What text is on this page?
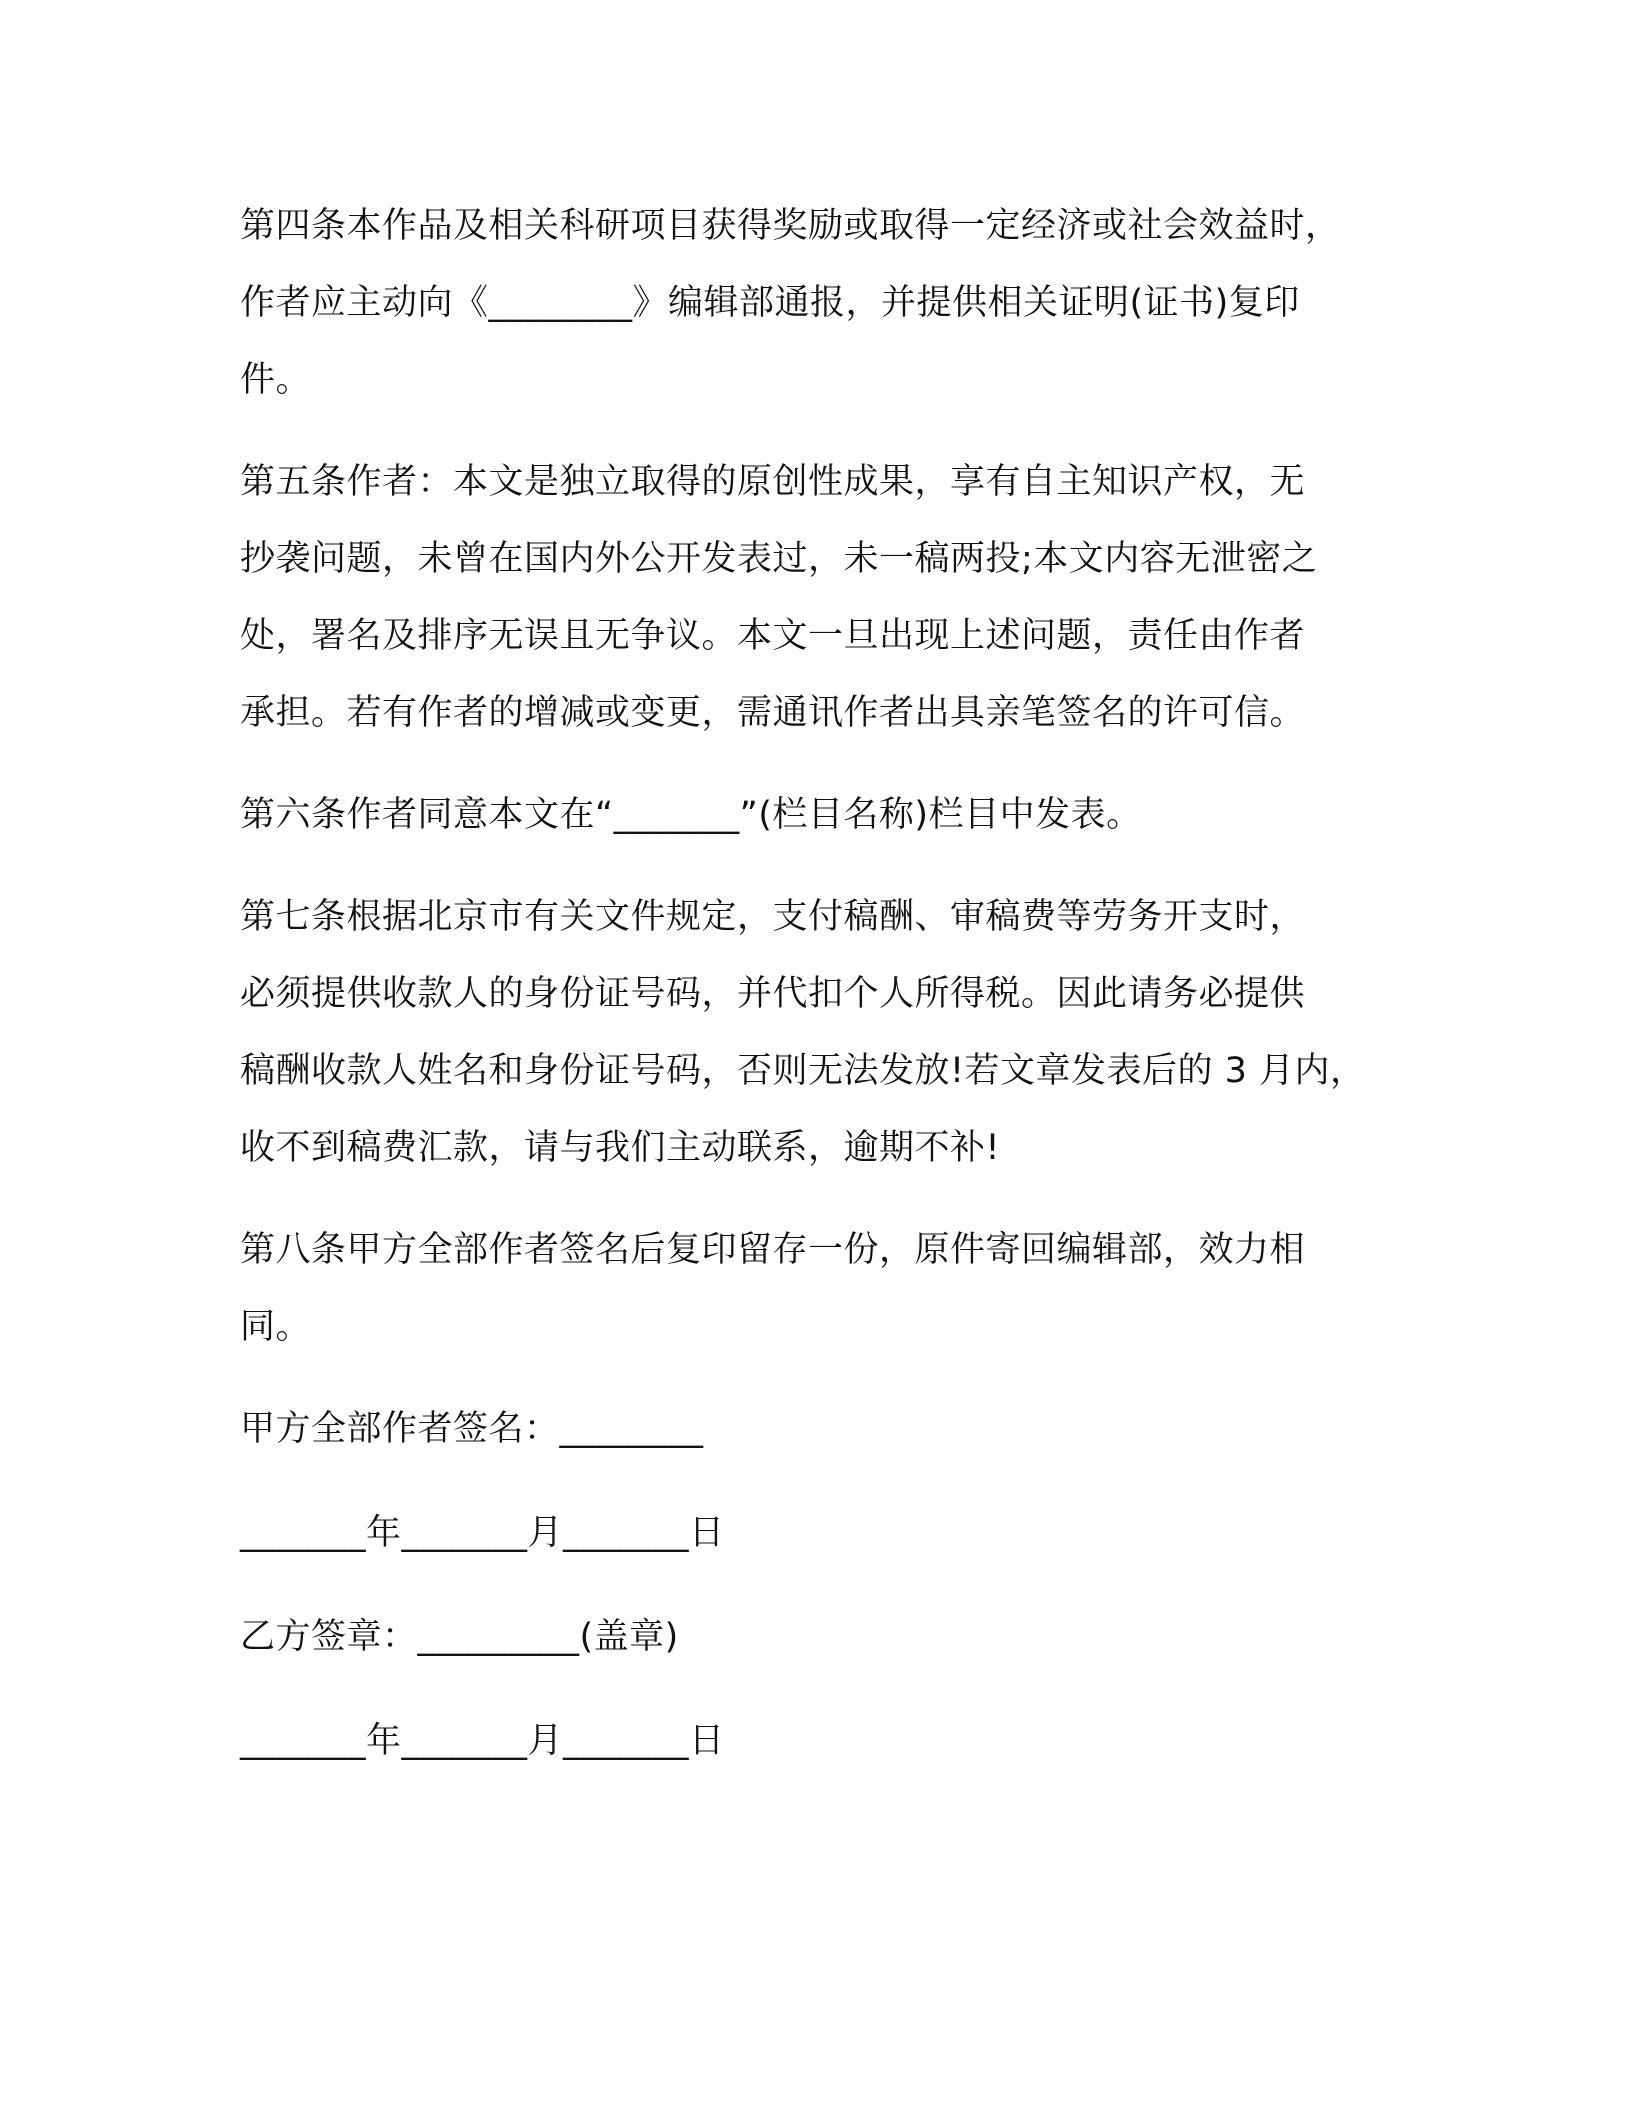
第四条本作品及相关科研项目获得奖励或取得一定经济或社会效益时，
作者应主动向《________》编辑部通报，并提供相关证明(证书)复印
件。
第五条作者：本文是独立取得的原创性成果，享有自主知识产权，无
抄袭问题，未曾在国内外公开发表过，未一稿两投;本文内容无泄密之
处，署名及排序无误且无争议。本文一旦出现上述问题，责任由作者
承担。若有作者的增减或变更，需通讯作者出具亲笔签名的许可信。
第六条作者同意本文在“_______”(栏目名称)栏目中发表。
第七条根据北京市有关文件规定，支付稿酬、审稿费等劳务开支时，
必须提供收款人的身份证号码，并代扣个人所得税。因此请务必提供
稿酬收款人姓名和身份证号码，否则无法发放!若文章发表后的 3 月内，
收不到稿费汇款，请与我们主动联系，逾期不补!
第八条甲方全部作者签名后复印留存一份，原件寄回编辑部，效力相
同。
甲方全部作者签名：________
_______年_______月_______日
乙方签章：_________(盖章)
_______年_______月_______日
